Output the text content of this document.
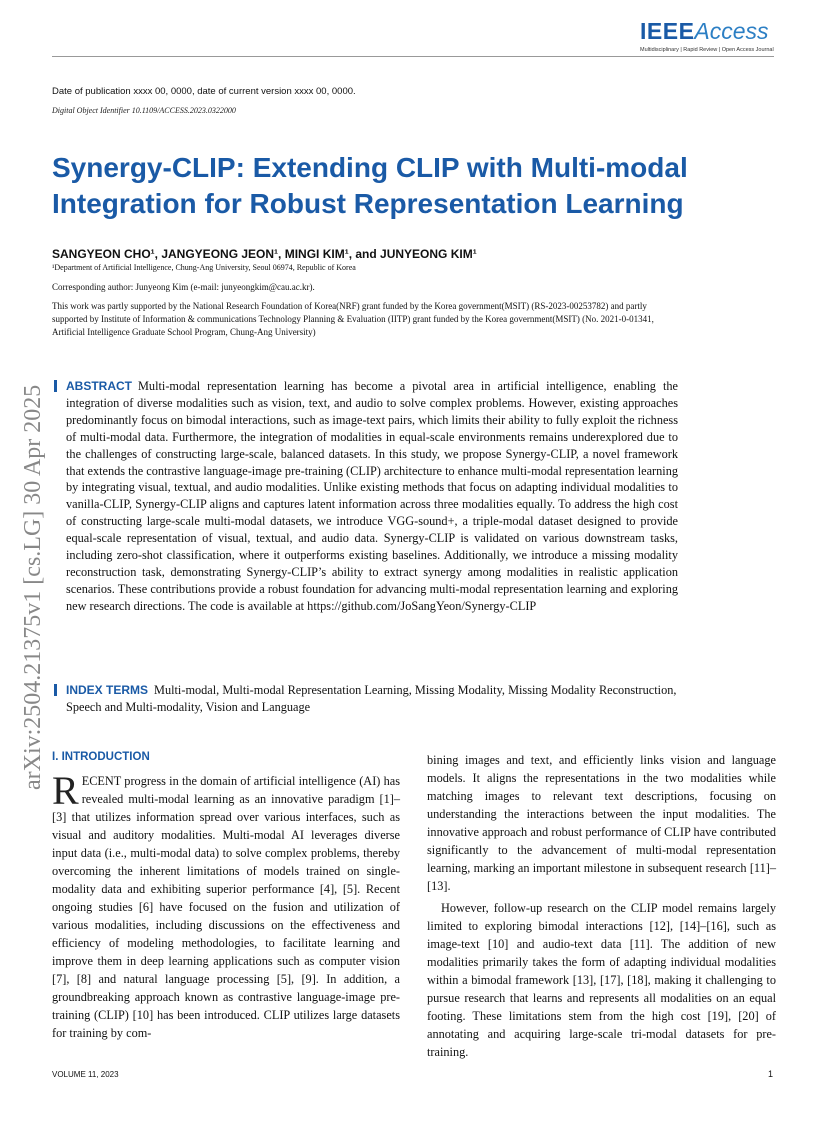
IEEEAccess
Multidisciplinary | Rapid Review | Open Access Journal
Date of publication xxxx 00, 0000, date of current version xxxx 00, 0000.
Digital Object Identifier 10.1109/ACCESS.2023.0322000
Synergy-CLIP: Extending CLIP with Multi-modal
Integration for Robust Representation Learning
SANGYEON CHO¹, JANGYEONG JEON¹, MINGI KIM¹, and JUNYEONG KIM¹
¹Department of Artificial Intelligence, Chung-Ang University, Seoul 06974, Republic of Korea
Corresponding author: Junyeong Kim (e-mail: junyeongkim@cau.ac.kr).
This work was partly supported by the National Research Foundation of Korea(NRF) grant funded by the Korea government(MSIT) (RS-2023-00253782) and partly supported by Institute of Information & communications Technology Planning & Evaluation (IITP) grant funded by the Korea government(MSIT) (No. 2021-0-01341, Artificial Intelligence Graduate School Program, Chung-Ang University)
arXiv:2504.21375v1 [cs.LG] 30 Apr 2025 ABSTRACT Multi-modal representation learning has become a pivotal area in artificial intelligence, enabling the integration of diverse modalities such as vision, text, and audio to solve complex problems. However, existing approaches predominantly focus on bimodal interactions, such as image-text pairs, which limits their ability to fully exploit the richness of multi-modal data. Furthermore, the integration of modalities in equal-scale environments remains underexplored due to the challenges of constructing large-scale, balanced datasets. In this study, we propose Synergy-CLIP, a novel framework that extends the contrastive language-image pre-training (CLIP) architecture to enhance multi-modal representation learning by integrating visual, textual, and audio modalities. Unlike existing methods that focus on adapting individual modalities to vanilla-CLIP, Synergy-CLIP aligns and captures latent information across three modalities equally. To address the high cost of constructing large-scale multi-modal datasets, we introduce VGG-sound+, a triple-modal dataset designed to provide equal-scale representation of visual, textual, and audio data. Synergy-CLIP is validated on various downstream tasks, including zero-shot classification, where it outperforms existing baselines. Additionally, we introduce a missing modality reconstruction task, demonstrating Synergy-CLIP’s ability to extract synergy among modalities in realistic application scenarios. These contributions provide a robust foundation for advancing multi-modal representation learning and exploring new research directions. The code is available at https://github.com/JoSangYeon/Synergy-CLIP
INDEX TERMS Multi-modal, Multi-modal Representation Learning, Missing Modality, Missing Modality Reconstruction, Speech and Multi-modality, Vision and Language
I. INTRODUCTION
RECENT progress in the domain of artificial intelligence (AI) has revealed multi-modal learning as an innovative paradigm [1]–[3] that utilizes information spread over various interfaces, such as visual and auditory modalities. Multi-modal AI leverages diverse input data (i.e., multi-modal data) to solve complex problems, thereby overcoming the inherent limitations of models trained on single-modality data and exhibiting superior performance [4], [5]. Recent ongoing studies [6] have focused on the fusion and utilization of various modalities, including discussions on the effectiveness and efficiency of modeling methodologies, to facilitate learning and improve them in deep learning applications such as computer vision [7], [8] and natural language processing [5], [9]. In addition, a groundbreaking approach known as contrastive language-image pre-training (CLIP) [10] has been introduced. CLIP utilizes large datasets for training by com-

bining images and text, and efficiently links vision and language models. It aligns the representations in the two modalities while matching images to relevant text descriptions, focusing on understanding the interactions between the input modalities. The innovative approach and robust performance of CLIP have contributed significantly to the advancement of multi-modal representation learning, marking an important milestone in subsequent research [11]–[13].

However, follow-up research on the CLIP model remains largely limited to exploring bimodal interactions [12], [14]–[16], such as image-text [10] and audio-text data [11]. The addition of new modalities primarily takes the form of adapting individual modalities within a bimodal framework [13], [17], [18], making it challenging to pursue research that learns and represents all modalities on an equal footing. These limitations stem from the high cost [19], [20] of annotating and acquiring large-scale tri-modal datasets for pre-training.

VOLUME 11, 2023	1
